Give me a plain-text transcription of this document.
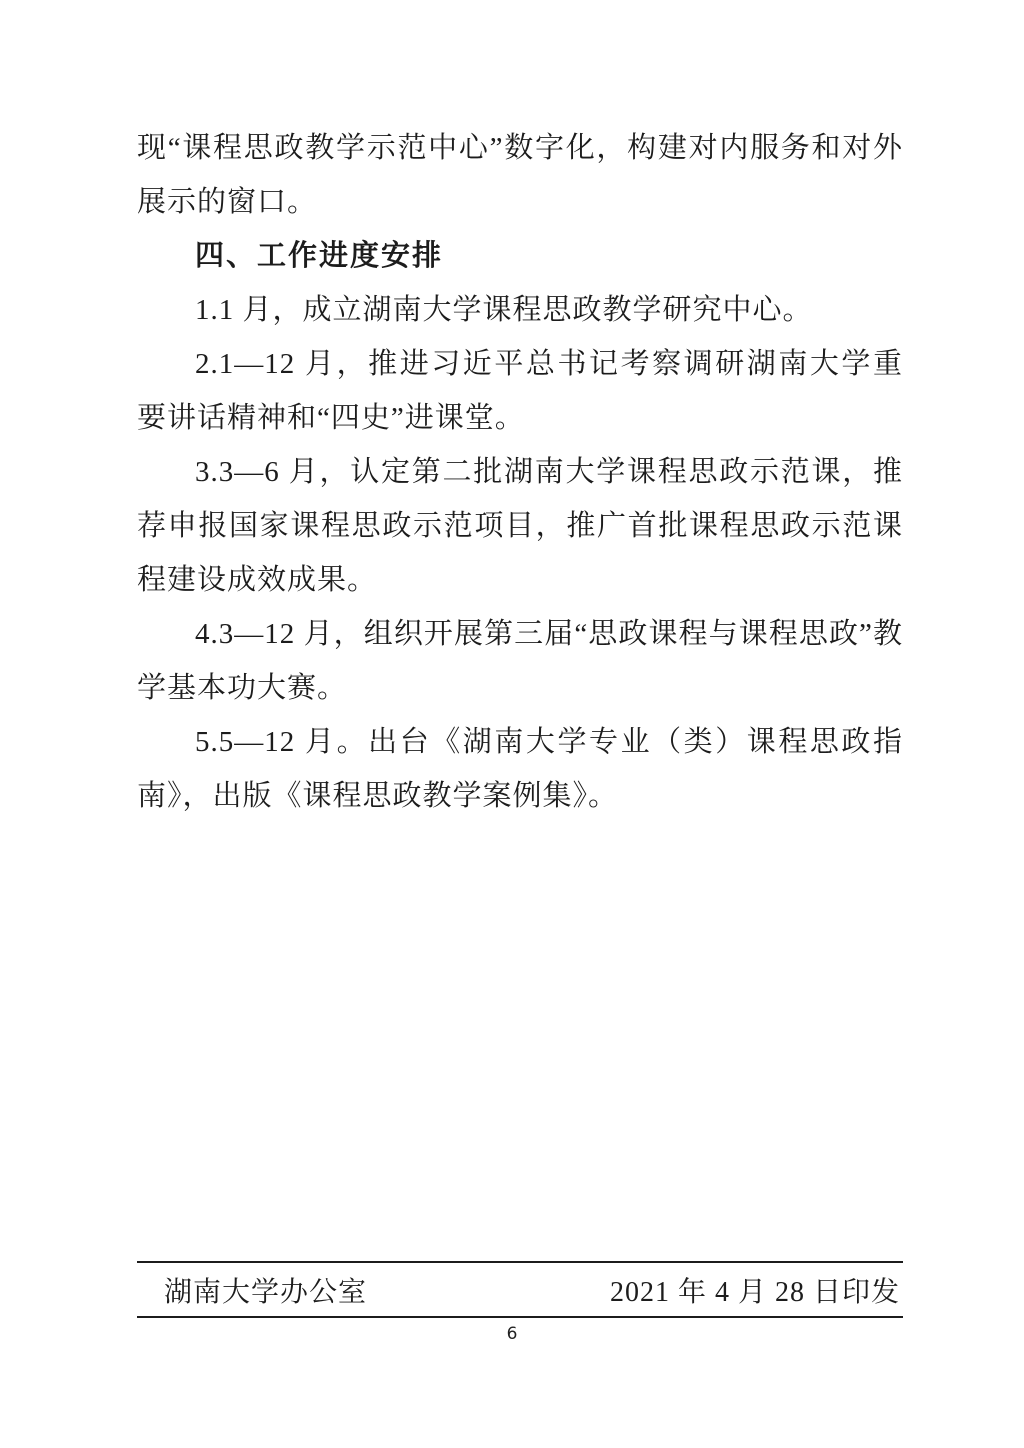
现“课程思政教学示范中心”数字化，构建对内服务和对外展示的窗口。

四、工作进度安排

1.1 月，成立湖南大学课程思政教学研究中心。

2.1—12 月，推进习近平总书记考察调研湖南大学重要讲话精神和“四史”进课堂。

3.3—6 月，认定第二批湖南大学课程思政示范课，推荐申报国家课程思政示范项目，推广首批课程思政示范课程建设成效成果。

4.3—12 月，组织开展第三届“思政课程与课程思政”教学基本功大赛。

5.5—12 月。出台《湖南大学专业（类）课程思政指南》，出版《课程思政教学案例集》。

湖南大学办公室	2021 年 4 月 28 日印发
6
